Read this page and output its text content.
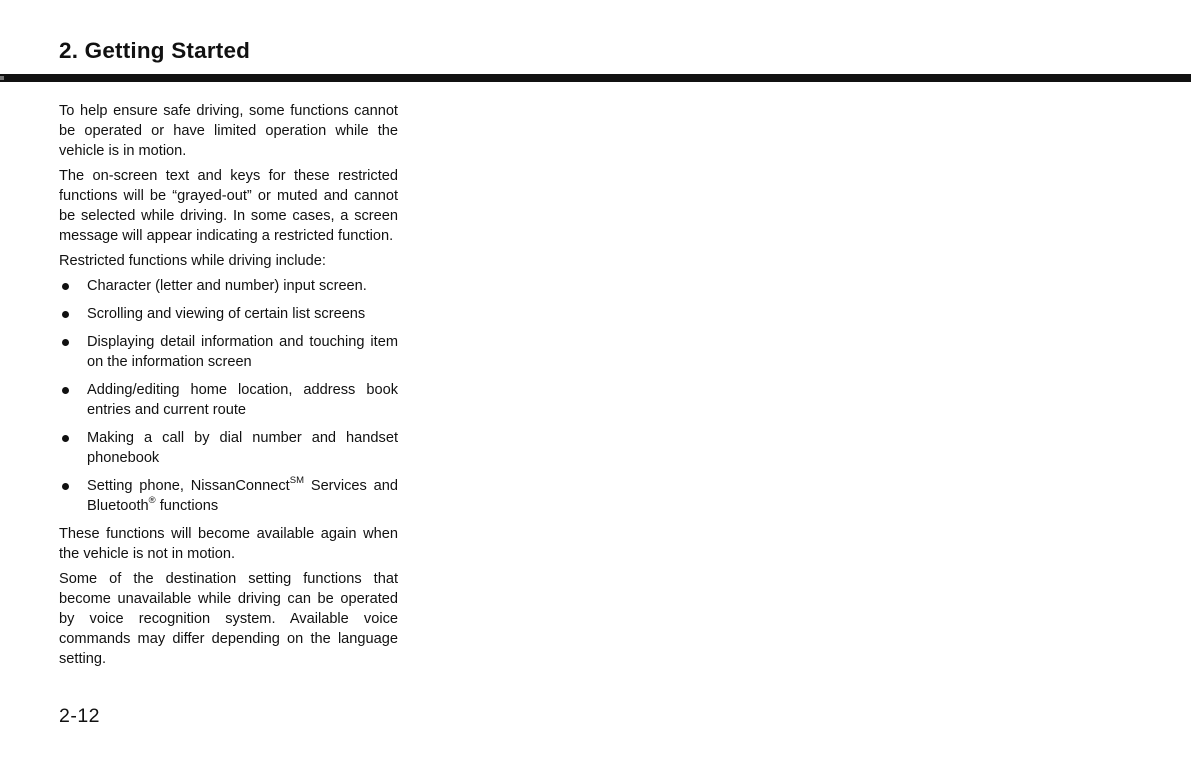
2. Getting Started

To help ensure safe driving, some functions cannot be operated or have limited operation while the vehicle is in motion.

The on-screen text and keys for these restricted functions will be “grayed-out” or muted and cannot be selected while driving. In some cases, a screen message will appear indicating a restricted function.

Restricted functions while driving include:

Character (letter and number) input screen.
Scrolling and viewing of certain list screens
Displaying detail information and touching item on the information screen
Adding/editing home location, address book entries and current route
Making a call by dial number and handset phonebook
Setting phone, NissanConnect℠ Services and Bluetooth® functions

These functions will become available again when the vehicle is not in motion.

Some of the destination setting functions that become unavailable while driving can be operated by voice recognition system. Available voice commands may differ depending on the language setting.

2-12
